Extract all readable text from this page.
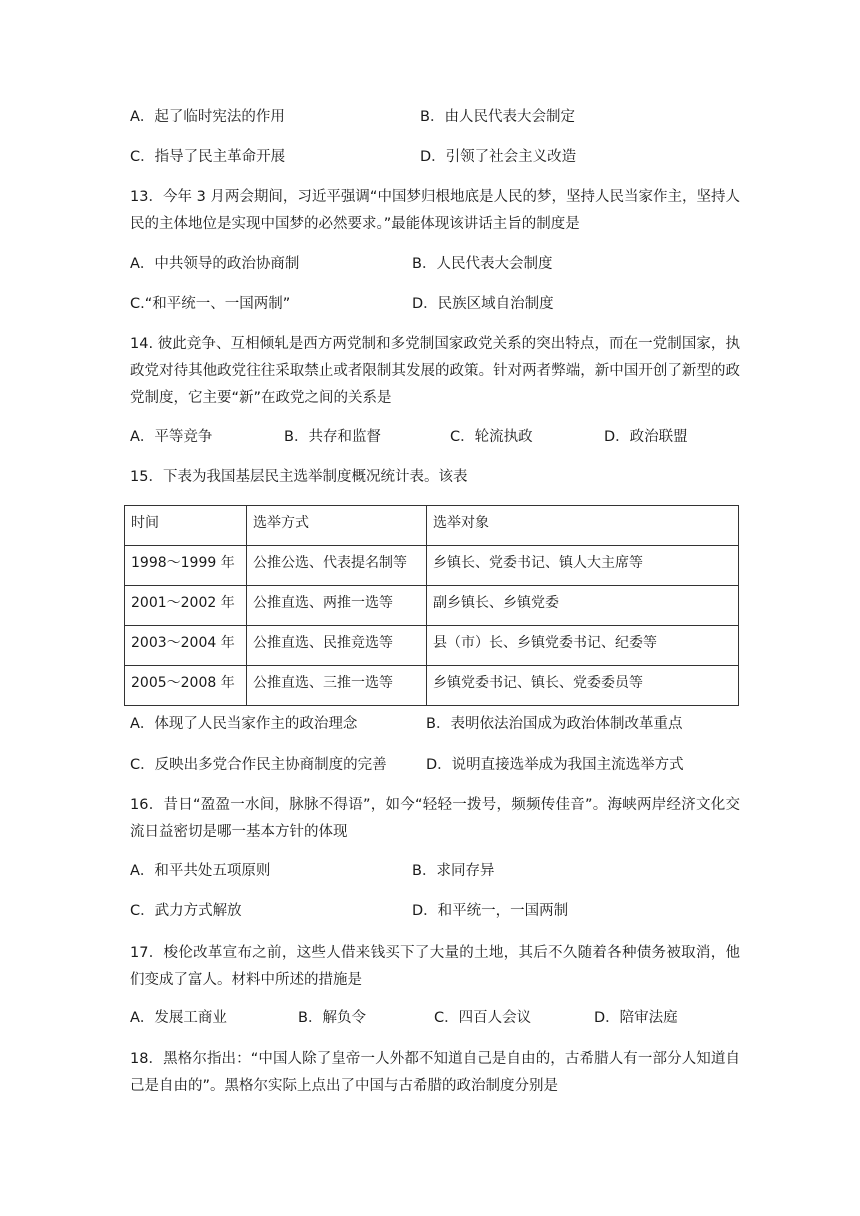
A．起了临时宪法的作用	B．由人民代表大会制定
C．指导了民主革命开展	D．引领了社会主义改造
13．今年 3 月两会期间，习近平强调“中国梦归根地底是人民的梦，坚持人民当家作主，坚持人民的主体地位是实现中国梦的必然要求。”最能体现该讲话主旨的制度是
A．中共领导的政治协商制	B．人民代表大会制度
C.“和平统一、一国两制”	D．民族区域自治制度
14. 彼此竞争、互相倾轧是西方两党制和多党制国家政党关系的突出特点，而在一党制国家，执政党对待其他政党往往采取禁止或者限制其发展的政策。针对两者弊端，新中国开创了新型的政党制度，它主要“新”在政党之间的关系是
A．平等竞争	B．共存和监督	C．轮流执政	D．政治联盟
15．下表为我国基层民主选举制度概况统计表。该表
时间	选举方式	选举对象
1998～1999 年	公推公选、代表提名制等	乡镇长、党委书记、镇人大主席等
2001～2002 年	公推直选、两推一选等	副乡镇长、乡镇党委
2003～2004 年	公推直选、民推竞选等	县（市）长、乡镇党委书记、纪委等
2005～2008 年	公推直选、三推一选等	乡镇党委书记、镇长、党委委员等
A．体现了人民当家作主的政治理念	B．表明依法治国成为政治体制改革重点
C．反映出多党合作民主协商制度的完善	D．说明直接选举成为我国主流选举方式
16．昔日“盈盈一水间，脉脉不得语”，如今“轻轻一拨号，频频传佳音”。海峡两岸经济文化交流日益密切是哪一基本方针的体现
A．和平共处五项原则	B．求同存异
C．武力方式解放	D．和平统一，一国两制
17．梭伦改革宣布之前，这些人借来钱买下了大量的土地，其后不久随着各种债务被取消，他们变成了富人。材料中所述的措施是
A．发展工商业	B．解负令	C．四百人会议	D．陪审法庭
18．黑格尔指出：“中国人除了皇帝一人外都不知道自己是自由的，古希腊人有一部分人知道自己是自由的”。黑格尔实际上点出了中国与古希腊的政治制度分别是
